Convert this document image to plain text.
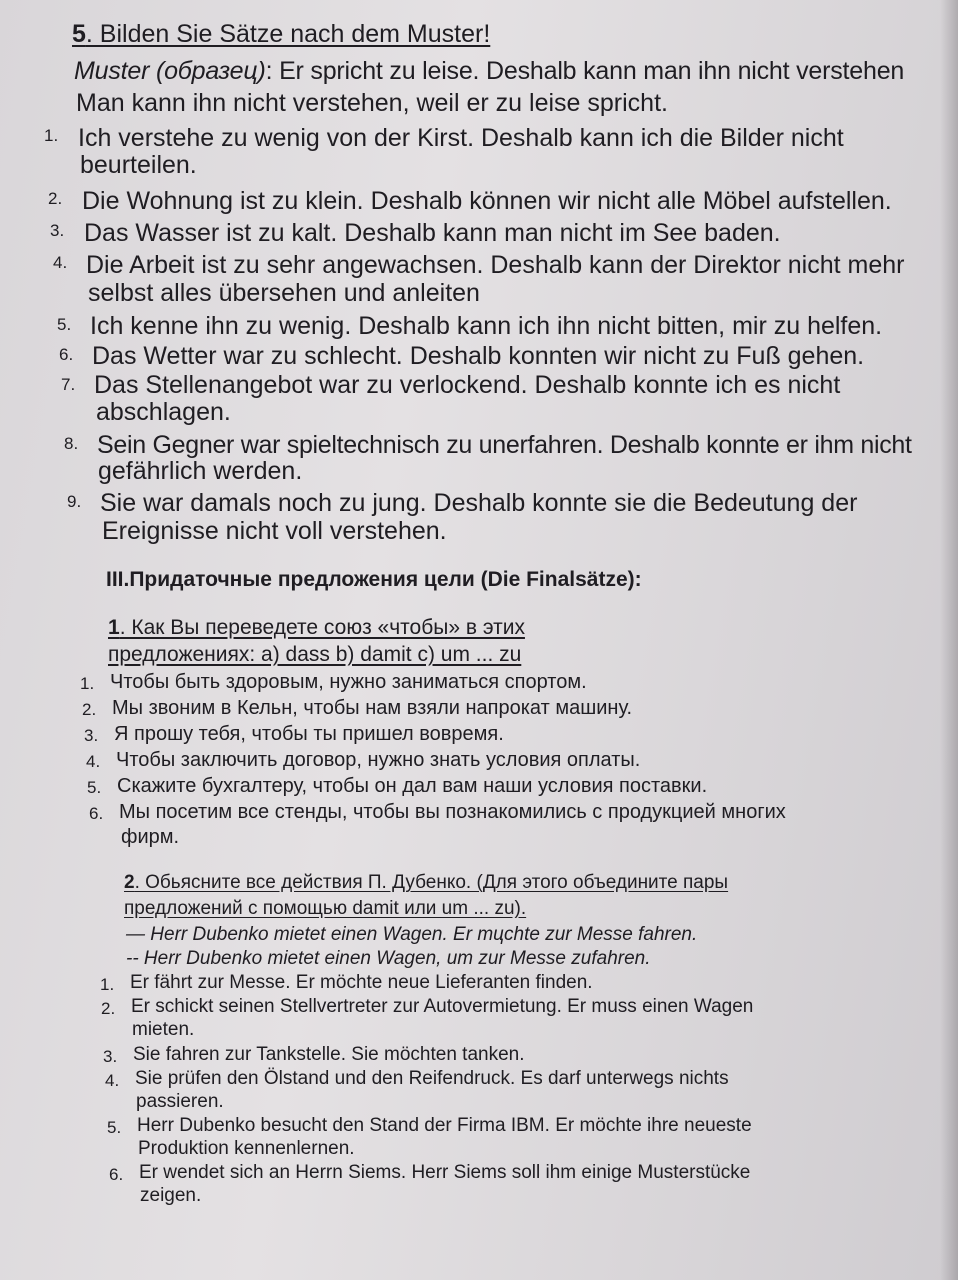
5. Bilden Sie Sätze nach dem Muster!
Muster (образец): Er spricht zu leise. Deshalb kann man ihn nicht verstehen
Man kann ihn nicht verstehen, weil er zu leise spricht.
1. Ich verstehe zu wenig von der Kirst. Deshalb kann ich die Bilder nicht
beurteilen.
2. Die Wohnung ist zu klein. Deshalb können wir nicht alle Möbel aufstellen.
3. Das Wasser ist zu kalt. Deshalb kann man nicht im See baden.
4. Die Arbeit ist zu sehr angewachsen. Deshalb kann der Direktor nicht mehr
selbst alles übersehen und anleiten
5. Ich kenne ihn zu wenig. Deshalb kann ich ihn nicht bitten, mir zu helfen.
6. Das Wetter war zu schlecht. Deshalb konnten wir nicht zu Fuß gehen.
7. Das Stellenangebot war zu verlockend. Deshalb konnte ich es nicht
abschlagen.
8. Sein Gegner war spieltechnisch zu unerfahren. Deshalb konnte er ihm nicht
gefährlich werden.
9. Sie war damals noch zu jung. Deshalb konnte sie die Bedeutung der
Ereignisse nicht voll verstehen.
III.Придаточные предложения цели (Die Finalsätze):
1. Как Вы переведете союз «чтобы» в этих
предложениях: a) dass b) damit c) um ... zu
1. Чтобы быть здоровым, нужно заниматься спортом.
2. Мы звоним в Кельн, чтобы нам взяли напрокат машину.
3. Я прошу тебя, чтобы ты пришел вовремя.
4. Чтобы заключить договор, нужно знать условия оплаты.
5. Скажите бухгалтеру, чтобы он дал вам наши условия поставки.
6. Мы посетим все стенды, чтобы вы познакомились с продукцией многих
фирм.
2. Обьясните все действия П. Дубенко. (Для этого объедините пары
предложений с помощью damit или um ... zu).
— Herr Dubenko mietet einen Wagen. Er mцchte zur Messe fahren.
-- Herr Dubenko mietet einen Wagen, um zur Messe zufahren.
1. Er fährt zur Messe. Er möchte neue Lieferanten finden.
2. Er schickt seinen Stellvertreter zur Autovermietung. Er muss einen Wagen
mieten.
3. Sie fahren zur Tankstelle. Sie möchten tanken.
4. Sie prüfen den Ölstand und den Reifendruck. Es darf unterwegs nichts
passieren.
5. Herr Dubenko besucht den Stand der Firma IBM. Er möchte ihre neueste
Produktion kennenlernen.
6. Er wendet sich an Herrn Siems. Herr Siems soll ihm einige Musterstücke
zeigen.
